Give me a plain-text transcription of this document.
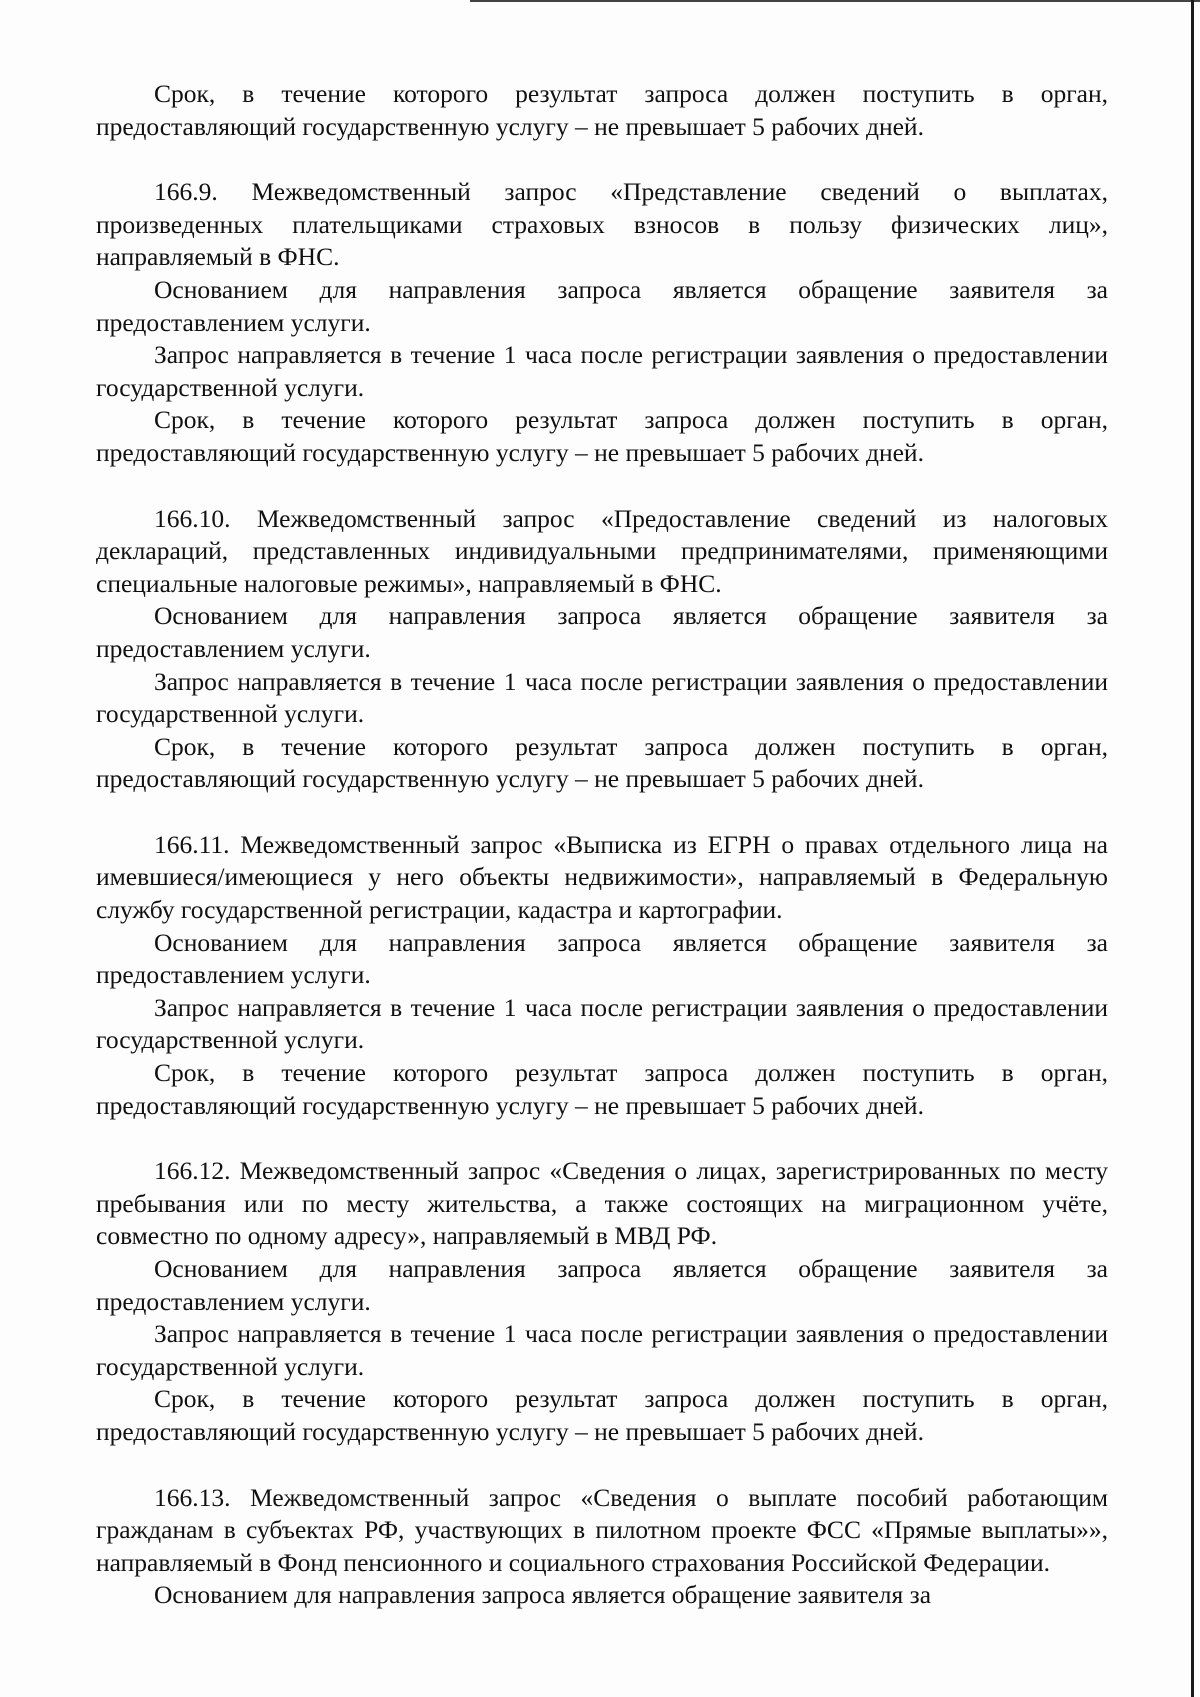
Срок, в течение которого результат запроса должен поступить в орган, предоставляющий государственную услугу – не превышает 5 рабочих дней.

166.9. Межведомственный запрос «Представление сведений о выплатах, произведенных плательщиками страховых взносов в пользу физических лиц», направляемый в ФНС.

Основанием для направления запроса является обращение заявителя за предоставлением услуги.

Запрос направляется в течение 1 часа после регистрации заявления о предоставлении государственной услуги.

Срок, в течение которого результат запроса должен поступить в орган, предоставляющий государственную услугу – не превышает 5 рабочих дней.

166.10. Межведомственный запрос «Предоставление сведений из налоговых деклараций, представленных индивидуальными предпринимателями, применяющими специальные налоговые режимы», направляемый в ФНС.

Основанием для направления запроса является обращение заявителя за предоставлением услуги.

Запрос направляется в течение 1 часа после регистрации заявления о предоставлении государственной услуги.

Срок, в течение которого результат запроса должен поступить в орган, предоставляющий государственную услугу – не превышает 5 рабочих дней.

166.11. Межведомственный запрос «Выписка из ЕГРН о правах отдельного лица на имевшиеся/имеющиеся у него объекты недвижимости», направляемый в Федеральную службу государственной регистрации, кадастра и картографии.

Основанием для направления запроса является обращение заявителя за предоставлением услуги.

Запрос направляется в течение 1 часа после регистрации заявления о предоставлении государственной услуги.

Срок, в течение которого результат запроса должен поступить в орган, предоставляющий государственную услугу – не превышает 5 рабочих дней.

166.12. Межведомственный запрос «Сведения о лицах, зарегистрированных по месту пребывания или по месту жительства, а также состоящих на миграционном учёте, совместно по одному адресу», направляемый в МВД РФ.

Основанием для направления запроса является обращение заявителя за предоставлением услуги.

Запрос направляется в течение 1 часа после регистрации заявления о предоставлении государственной услуги.

Срок, в течение которого результат запроса должен поступить в орган, предоставляющий государственную услугу – не превышает 5 рабочих дней.

166.13. Межведомственный запрос «Сведения о выплате пособий работающим гражданам в субъектах РФ, участвующих в пилотном проекте ФСС «Прямые выплаты»», направляемый в Фонд пенсионного и социального страхования Российской Федерации.

Основанием для направления запроса является обращение заявителя за
